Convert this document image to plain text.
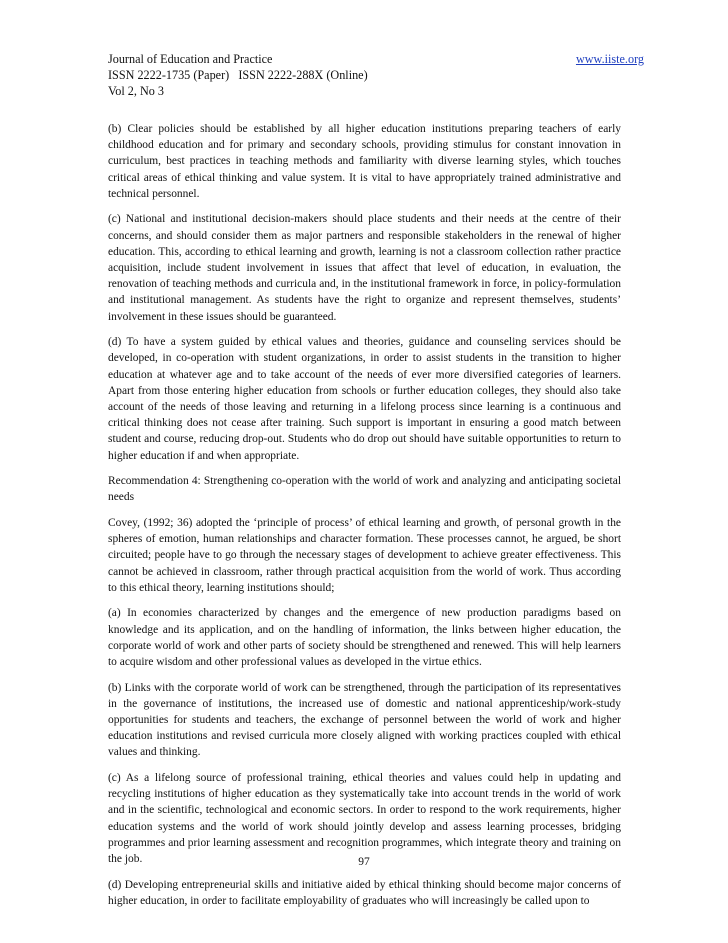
Journal of Education and Practice	www.iiste.org
ISSN 2222-1735 (Paper)   ISSN 2222-288X (Online)
Vol 2, No 3

(b) Clear policies should be established by all higher education institutions preparing teachers of early childhood education and for primary and secondary schools, providing stimulus for constant innovation in curriculum, best practices in teaching methods and familiarity with diverse learning styles, which touches critical areas of ethical thinking and value system. It is vital to have appropriately trained administrative and technical personnel.

(c) National and institutional decision-makers should place students and their needs at the centre of their concerns, and should consider them as major partners and responsible stakeholders in the renewal of higher education. This, according to ethical learning and growth, learning is not a classroom collection rather practice acquisition, include student involvement in issues that affect that level of education, in evaluation, the renovation of teaching methods and curricula and, in the institutional framework in force, in policy-formulation and institutional management. As students have the right to organize and represent themselves, students’ involvement in these issues should be guaranteed.

(d) To have a system guided by ethical values and theories, guidance and counseling services should be developed, in co-operation with student organizations, in order to assist students in the transition to higher education at whatever age and to take account of the needs of ever more diversified categories of learners. Apart from those entering higher education from schools or further education colleges, they should also take account of the needs of those leaving and returning in a lifelong process since learning is a continuous and critical thinking does not cease after training. Such support is important in ensuring a good match between student and course, reducing drop-out. Students who do drop out should have suitable opportunities to return to higher education if and when appropriate.

Recommendation 4: Strengthening co-operation with the world of work and analyzing and anticipating societal needs

Covey, (1992; 36) adopted the ‘principle of process’ of ethical learning and growth, of personal growth in the spheres of emotion, human relationships and character formation. These processes cannot, he argued, be short circuited; people have to go through the necessary stages of development to achieve greater effectiveness. This cannot be achieved in classroom, rather through practical acquisition from the world of work. Thus according to this ethical theory, learning institutions should;

(a) In economies characterized by changes and the emergence of new production paradigms based on knowledge and its application, and on the handling of information, the links between higher education, the corporate world of work and other parts of society should be strengthened and renewed. This will help learners to acquire wisdom and other professional values as developed in the virtue ethics.

(b) Links with the corporate world of work can be strengthened, through the participation of its representatives in the governance of institutions, the increased use of domestic and national apprenticeship/work-study opportunities for students and teachers, the exchange of personnel between the world of work and higher education institutions and revised curricula more closely aligned with working practices coupled with ethical values and thinking.

(c) As a lifelong source of professional training, ethical theories and values could help in updating and recycling institutions of higher education as they systematically take into account trends in the world of work and in the scientific, technological and economic sectors. In order to respond to the work requirements, higher education systems and the world of work should jointly develop and assess learning processes, bridging programmes and prior learning assessment and recognition programmes, which integrate theory and training on the job.

(d) Developing entrepreneurial skills and initiative aided by ethical thinking should become major concerns of higher education, in order to facilitate employability of graduates who will increasingly be called upon to

97
